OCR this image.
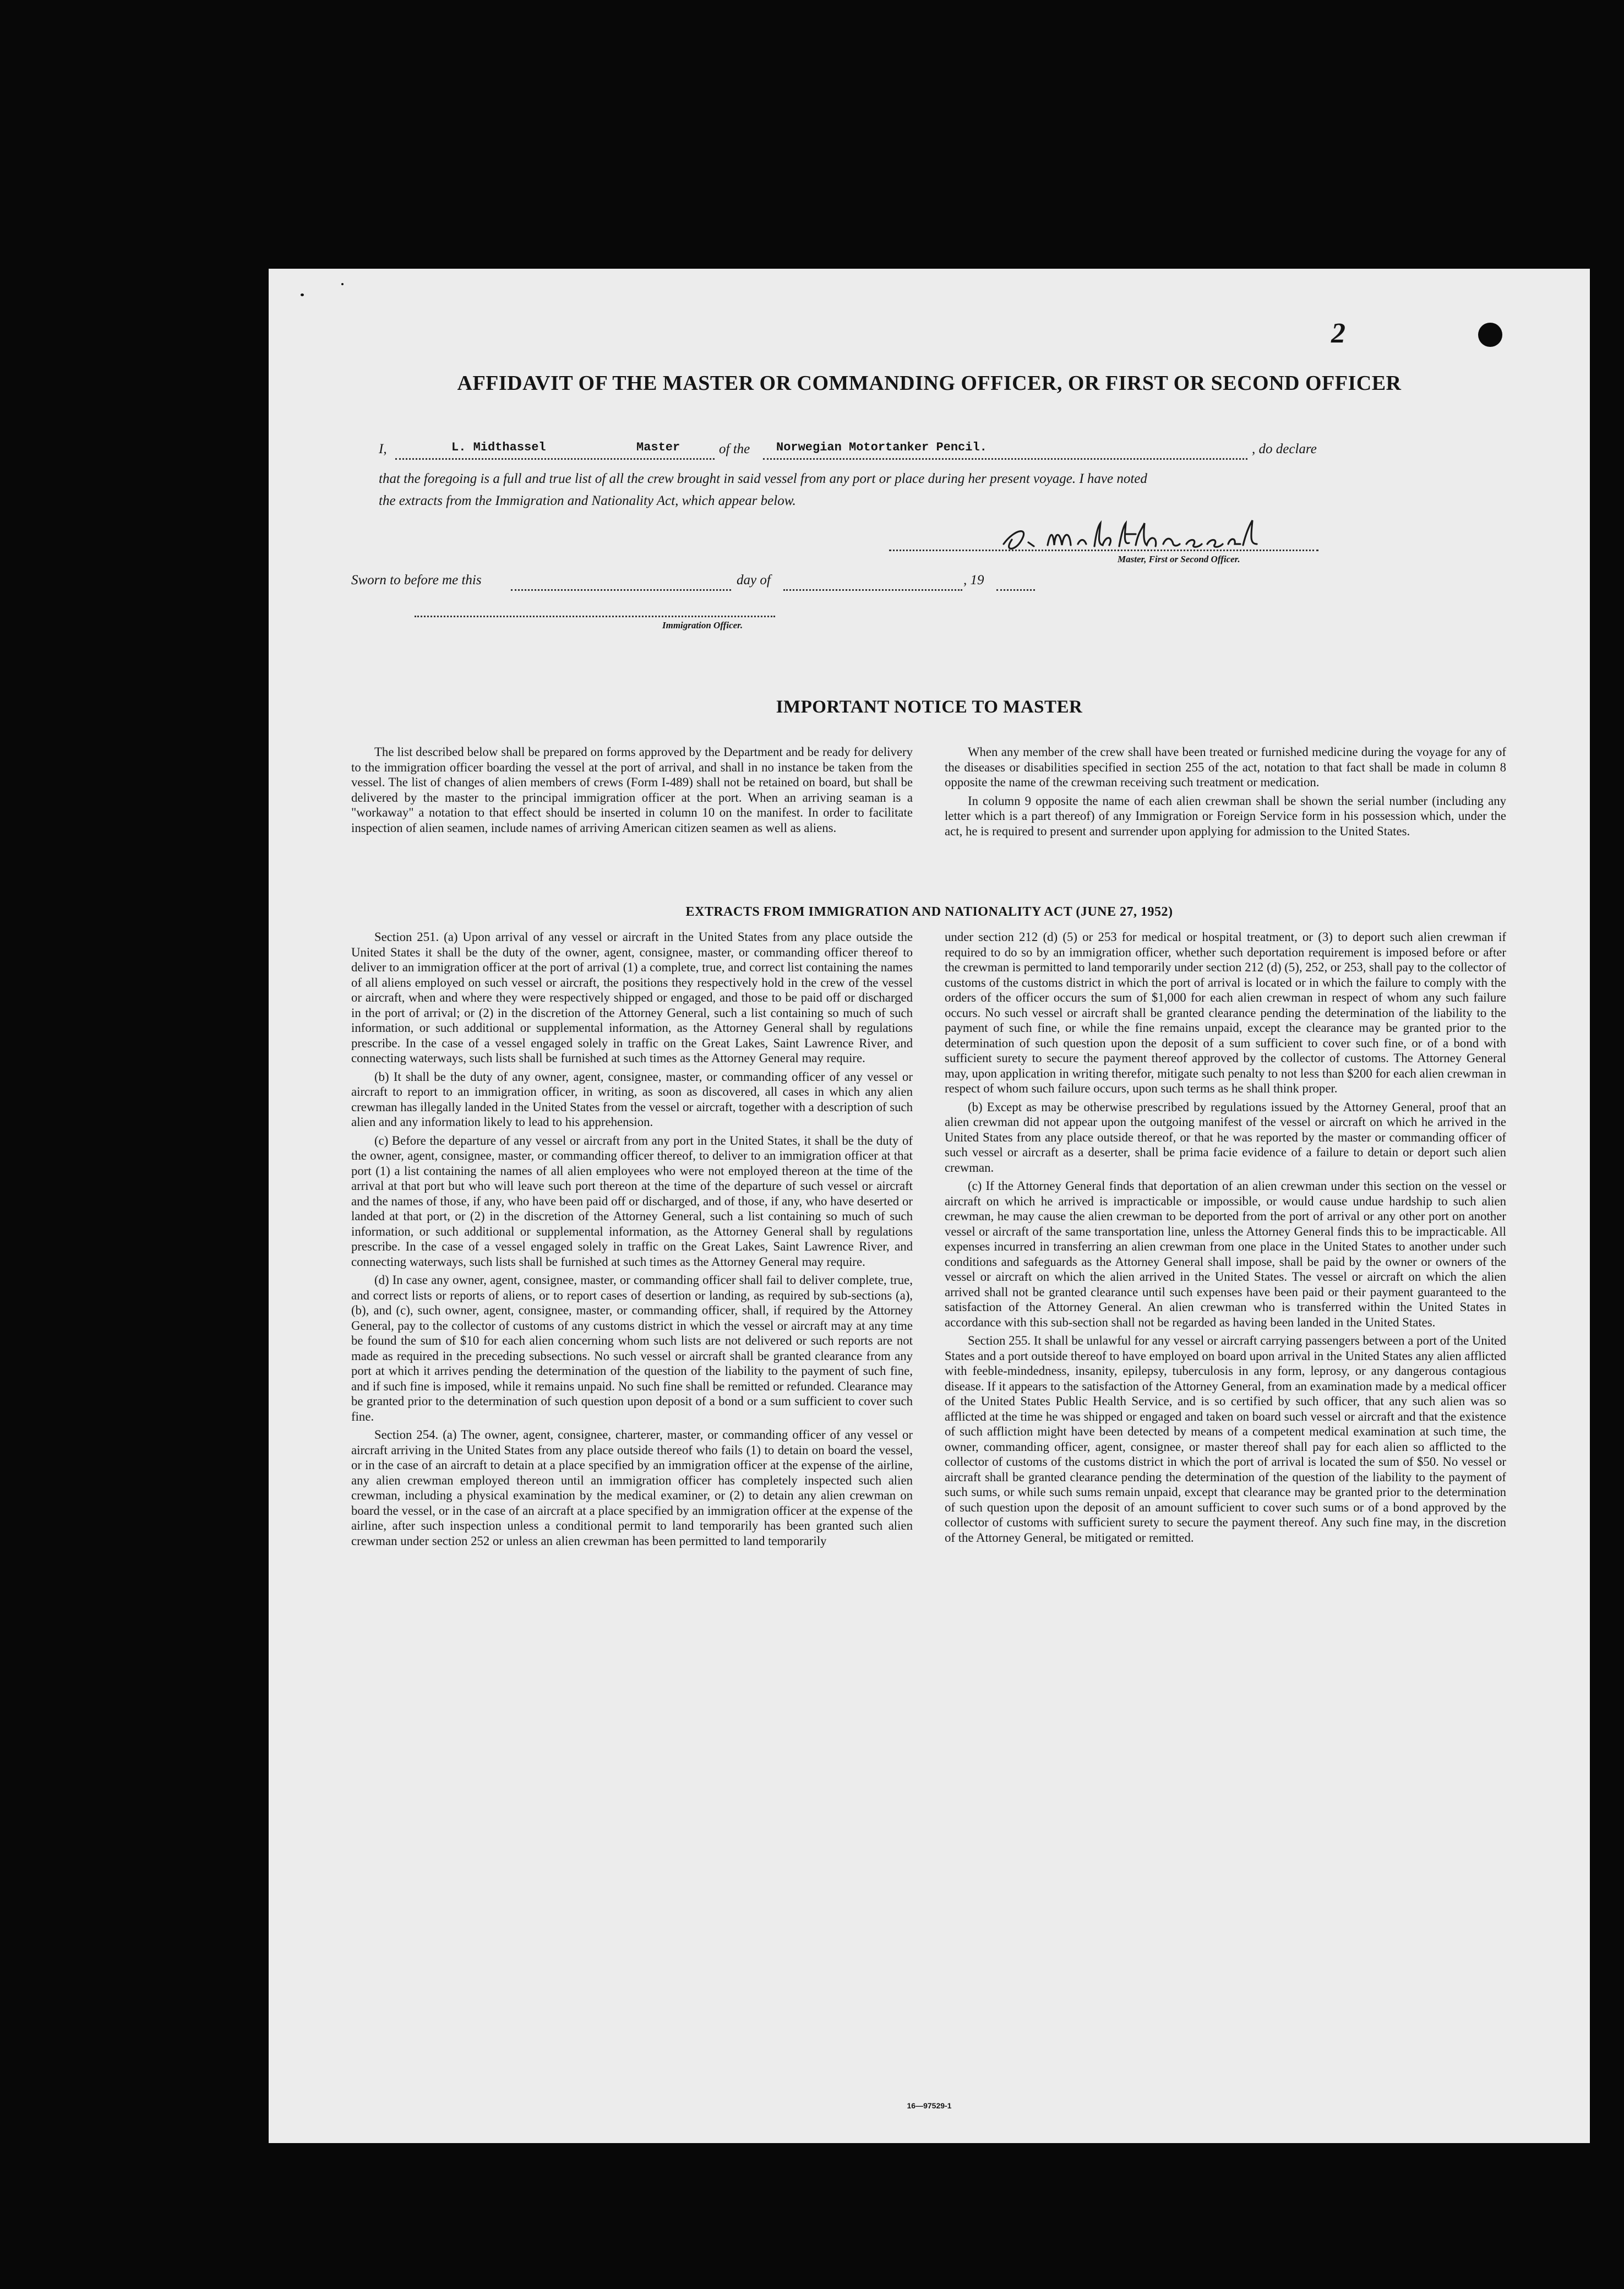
2
AFFIDAVIT OF THE MASTER OR COMMANDING OFFICER, OR FIRST OR SECOND OFFICER
I,	L. Midthassel	Master	of the Norwegian Motortanker Pencil.	, do declare
that the foregoing is a full and true list of all the crew brought in said vessel from any port or place during her present voyage. I have noted
the extracts from the Immigration and Nationality Act, which appear below.
Master, First or Second Officer.
Sworn to before me this	day of	, 19
Immigration Officer.
IMPORTANT NOTICE TO MASTER

The list described below shall be prepared on forms approved by the Department and be ready for delivery to the immigration officer boarding the vessel at the port of arrival, and shall in no instance be taken from the vessel. The list of changes of alien members of crews (Form I-489) shall not be retained on board, but shall be delivered by the master to the principal immigration officer at the port. When an arriving seaman is a "workaway" a notation to that effect should be inserted in column 10 on the manifest. In order to facilitate inspection of alien seamen, include names of arriving American citizen seamen as well as aliens.

When any member of the crew shall have been treated or furnished medicine during the voyage for any of the diseases or disabilities specified in section 255 of the act, notation to that fact shall be made in column 8 opposite the name of the crewman receiving such treatment or medication.

In column 9 opposite the name of each alien crewman shall be shown the serial number (including any letter which is a part thereof) of any Immigration or Foreign Service form in his possession which, under the act, he is required to present and surrender upon applying for admission to the United States.

EXTRACTS FROM IMMIGRATION AND NATIONALITY ACT (JUNE 27, 1952)

Section 251. (a) Upon arrival of any vessel or aircraft in the United States from any place outside the United States it shall be the duty of the owner, agent, consignee, master, or commanding officer thereof to deliver to an immigration officer at the port of arrival (1) a complete, true, and correct list containing the names of all aliens employed on such vessel or aircraft, the positions they respectively hold in the crew of the vessel or aircraft, when and where they were respectively shipped or engaged, and those to be paid off or discharged in the port of arrival; or (2) in the discretion of the Attorney General, such a list containing so much of such information, or such additional or supplemental information, as the Attorney General shall by regulations prescribe. In the case of a vessel engaged solely in traffic on the Great Lakes, Saint Lawrence River, and connecting waterways, such lists shall be furnished at such times as the Attorney General may require.

(b) It shall be the duty of any owner, agent, consignee, master, or commanding officer of any vessel or aircraft to report to an immigration officer, in writing, as soon as discovered, all cases in which any alien crewman has illegally landed in the United States from the vessel or aircraft, together with a description of such alien and any information likely to lead to his apprehension.

(c) Before the departure of any vessel or aircraft from any port in the United States, it shall be the duty of the owner, agent, consignee, master, or commanding officer thereof, to deliver to an immigration officer at that port (1) a list containing the names of all alien employees who were not employed thereon at the time of the arrival at that port but who will leave such port thereon at the time of the departure of such vessel or aircraft and the names of those, if any, who have been paid off or discharged, and of those, if any, who have deserted or landed at that port, or (2) in the discretion of the Attorney General, such a list containing so much of such information, or such additional or supplemental information, as the Attorney General shall by regulations prescribe. In the case of a vessel engaged solely in traffic on the Great Lakes, Saint Lawrence River, and connecting waterways, such lists shall be furnished at such times as the Attorney General may require.

(d) In case any owner, agent, consignee, master, or commanding officer shall fail to deliver complete, true, and correct lists or reports of aliens, or to report cases of desertion or landing, as required by sub-sections (a), (b), and (c), such owner, agent, consignee, master, or commanding officer, shall, if required by the Attorney General, pay to the collector of customs of any customs district in which the vessel or aircraft may at any time be found the sum of $10 for each alien concerning whom such lists are not delivered or such reports are not made as required in the preceding subsections. No such vessel or aircraft shall be granted clearance from any port at which it arrives pending the determination of the question of the liability to the payment of such fine, and if such fine is imposed, while it remains unpaid. No such fine shall be remitted or refunded. Clearance may be granted prior to the determination of such question upon deposit of a bond or a sum sufficient to cover such fine.

Section 254. (a) The owner, agent, consignee, charterer, master, or commanding officer of any vessel or aircraft arriving in the United States from any place outside thereof who fails (1) to detain on board the vessel, or in the case of an aircraft to detain at a place specified by an immigration officer at the expense of the airline, any alien crewman employed thereon until an immigration officer has completely inspected such alien crewman, including a physical examination by the medical examiner, or (2) to detain any alien crewman on board the vessel, or in the case of an aircraft at a place specified by an immigration officer at the expense of the airline, after such inspection unless a conditional permit to land temporarily has been granted such alien crewman under section 252 or unless an alien crewman has been permitted to land temporarily

under section 212 (d) (5) or 253 for medical or hospital treatment, or (3) to deport such alien crewman if required to do so by an immigration officer, whether such deportation requirement is imposed before or after the crewman is permitted to land temporarily under section 212 (d) (5), 252, or 253, shall pay to the collector of customs of the customs district in which the port of arrival is located or in which the failure to comply with the orders of the officer occurs the sum of $1,000 for each alien crewman in respect of whom any such failure occurs. No such vessel or aircraft shall be granted clearance pending the determination of the liability to the payment of such fine, or while the fine remains unpaid, except the clearance may be granted prior to the determination of such question upon the deposit of a sum sufficient to cover such fine, or of a bond with sufficient surety to secure the payment thereof approved by the collector of customs. The Attorney General may, upon application in writing therefor, mitigate such penalty to not less than $200 for each alien crewman in respect of whom such failure occurs, upon such terms as he shall think proper.

(b) Except as may be otherwise prescribed by regulations issued by the Attorney General, proof that an alien crewman did not appear upon the outgoing manifest of the vessel or aircraft on which he arrived in the United States from any place outside thereof, or that he was reported by the master or commanding officer of such vessel or aircraft as a deserter, shall be prima facie evidence of a failure to detain or deport such alien crewman.

(c) If the Attorney General finds that deportation of an alien crewman under this section on the vessel or aircraft on which he arrived is impracticable or impossible, or would cause undue hardship to such alien crewman, he may cause the alien crewman to be deported from the port of arrival or any other port on another vessel or aircraft of the same transportation line, unless the Attorney General finds this to be impracticable. All expenses incurred in transferring an alien crewman from one place in the United States to another under such conditions and safeguards as the Attorney General shall impose, shall be paid by the owner or owners of the vessel or aircraft on which the alien arrived in the United States. The vessel or aircraft on which the alien arrived shall not be granted clearance until such expenses have been paid or their payment guaranteed to the satisfaction of the Attorney General. An alien crewman who is transferred within the United States in accordance with this sub-section shall not be regarded as having been landed in the United States.

Section 255. It shall be unlawful for any vessel or aircraft carrying passengers between a port of the United States and a port outside thereof to have employed on board upon arrival in the United States any alien afflicted with feeble-mindedness, insanity, epilepsy, tuberculosis in any form, leprosy, or any dangerous contagious disease. If it appears to the satisfaction of the Attorney General, from an examination made by a medical officer of the United States Public Health Service, and is so certified by such officer, that any such alien was so afflicted at the time he was shipped or engaged and taken on board such vessel or aircraft and that the existence of such affliction might have been detected by means of a competent medical examination at such time, the owner, commanding officer, agent, consignee, or master thereof shall pay for each alien so afflicted to the collector of customs of the customs district in which the port of arrival is located the sum of $50. No vessel or aircraft shall be granted clearance pending the determination of the question of the liability to the payment of such sums, or while such sums remain unpaid, except that clearance may be granted prior to the determination of such question upon the deposit of an amount sufficient to cover such sums or of a bond approved by the collector of customs with sufficient surety to secure the payment thereof. Any such fine may, in the discretion of the Attorney General, be mitigated or remitted.

16—97529-1
